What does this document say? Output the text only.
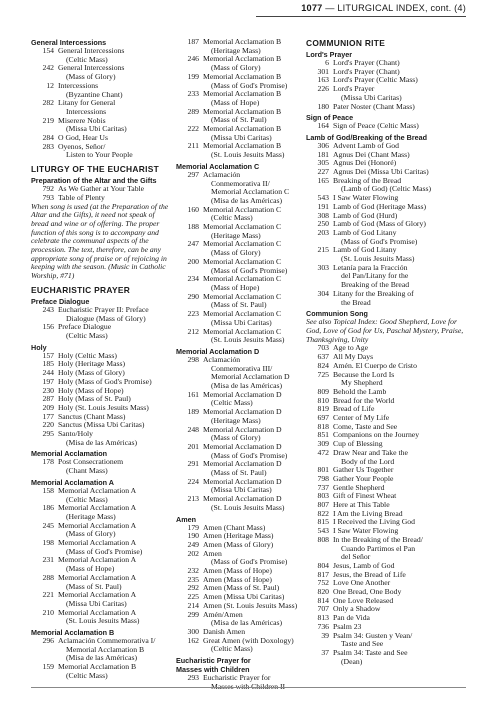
1077 — LITURGICAL INDEX, cont. (4)
General Intercessions
154 General Intercessions
(Celtic Mass)
242 General Intercessions
(Mass of Glory)
12 Intercessions
(Byzantine Chant)
282 Litany for General
Intercessions
219 Miserere Nobis
(Missa Ubi Caritas)
284 O God, Hear Us
283 Oyenos, Señor/
Listen to Your People
LITURGY OF THE EUCHARIST
Preparation of the Altar and the Gifts
792 As We Gather at Your Table
793 Table of Plenty
When song is used (at the Preparation of the Altar and the Gifts), it need not speak of bread and wine or of offering. The proper function of this song is to accompany and celebrate the communal aspects of the procession. The text, therefore, can be any appropriate song of praise or of rejoicing in keeping with the season. (Music in Catholic Worship, #71)
EUCHARISTIC PRAYER
Preface Dialogue
243 Eucharistic Prayer II: Preface
Dialogue (Mass of Glory)
156 Preface Dialogue
(Celtic Mass)
Holy
157 Holy (Celtic Mass)
185 Holy (Heritage Mass)
244 Holy (Mass of Glory)
197 Holy (Mass of God's Promise)
230 Holy (Mass of Hope)
287 Holy (Mass of St. Paul)
209 Holy (St. Louis Jesuits Mass)
177 Sanctus (Chant Mass)
220 Sanctus (Missa Ubi Caritas)
295 Santo/Holy
(Misa de las Américas)
Memorial Acclamation
178 Post Consecrationem
(Chant Mass)
Memorial Acclamation A
158 Memorial Acclamation A
(Celtic Mass)
186 Memorial Acclamation A
(Heritage Mass)
245 Memorial Acclamation A
(Mass of Glory)
198 Memorial Acclamation A
(Mass of God's Promise)
231 Memorial Acclamation A
(Mass of Hope)
288 Memorial Acclamation A
(Mass of St. Paul)
221 Memorial Acclamation A
(Missa Ubi Caritas)
210 Memorial Acclamation A
(St. Louis Jesuits Mass)
Memorial Acclamation B
296 Aclamación Commemorativa I/
Memorial Acclamation B
(Misa de las Américas)
159 Memorial Acclamation B
(Celtic Mass)
187 Memorial Acclamation B
(Heritage Mass)
246 Memorial Acclamation B
(Mass of Glory)
199 Memorial Acclamation B
(Mass of God's Promise)
233 Memorial Acclamation B
(Mass of Hope)
289 Memorial Acclamation B
(Mass of St. Paul)
222 Memorial Acclamation B
(Missa Ubi Caritas)
211 Memorial Acclamation B
(St. Louis Jesuits Mass)
Memorial Acclamation C
297 Aclamación
Conmemorativa II/
Memorial Acclamation C
(Misa de las Américas)
160 Memorial Acclamation C
(Celtic Mass)
188 Memorial Acclamation C
(Heritage Mass)
247 Memorial Acclamation C
(Mass of Glory)
200 Memorial Acclamation C
(Mass of God's Promise)
234 Memorial Acclamation C
(Mass of Hope)
290 Memorial Acclamation C
(Mass of St. Paul)
223 Memorial Acclamation C
(Missa Ubi Caritas)
212 Memorial Acclamation C
(St. Louis Jesuits Mass)
Memorial Acclamation D
298 Aclamación
Conmemorativa III/
Memorial Acclamation D
(Misa de las Américas)
161 Memorial Acclamation D
(Celtic Mass)
189 Memorial Acclamation D
(Heritage Mass)
248 Memorial Acclamation D
(Mass of Glory)
201 Memorial Acclamation D
(Mass of God's Promise)
291 Memorial Acclamation D
(Mass of St. Paul)
224 Memorial Acclamation D
(Missa Ubi Caritas)
213 Memorial Acclamation D
(St. Louis Jesuits Mass)
Amen
179 Amen (Chant Mass)
190 Amen (Heritage Mass)
249 Amen (Mass of Glory)
202 Amen
(Mass of God's Promise)
232 Amen (Mass of Hope)
235 Amen (Mass of Hope)
292 Amen (Mass of St. Paul)
225 Amen (Missa Ubi Caritas)
214 Amen (St. Louis Jesuits Mass)
299 Amén/Amen
(Misa de las Américas)
300 Danish Amen
162 Great Amen (with Doxology)
(Celtic Mass)
Eucharistic Prayer for
Masses with Children
293 Eucharistic Prayer for
Masses with Children II
COMMUNION RITE
Lord's Prayer
6 Lord's Prayer (Chant)
301 Lord's Prayer (Chant)
163 Lord's Prayer (Celtic Mass)
226 Lord's Prayer
(Missa Ubi Caritas)
180 Pater Noster (Chant Mass)
Sign of Peace
164 Sign of Peace (Celtic Mass)
Lamb of God/Breaking of the Bread
306 Advent Lamb of God
181 Agnus Dei (Chant Mass)
305 Agnus Dei (Honoré)
227 Agnus Dei (Missa Ubi Caritas)
165 Breaking of the Bread
(Lamb of God) (Celtic Mass)
543 I Saw Water Flowing
191 Lamb of God (Heritage Mass)
308 Lamb of God (Hurd)
250 Lamb of God (Mass of Glory)
203 Lamb of God Litany
(Mass of God's Promise)
215 Lamb of God Litany
(St. Louis Jesuits Mass)
303 Letanía para la Fracción
del Pan/Litany for the
Breaking of the Bread
304 Litany for the Breaking of
the Bread
Communion Song
See also Topical Index: Good Shepherd, Love for God, Love of God for Us, Paschal Mystery, Praise, Thanksgiving, Unity
703 Age to Age
637 All My Days
824 Amén. El Cuerpo de Cristo
725 Because the Lord Is
My Shepherd
809 Behold the Lamb
810 Bread for the World
819 Bread of Life
697 Center of My Life
818 Come, Taste and See
851 Companions on the Journey
309 Cup of Blessing
472 Draw Near and Take the
Body of the Lord
801 Gather Us Together
798 Gather Your People
737 Gentle Shepherd
803 Gift of Finest Wheat
807 Here at This Table
822 I Am the Living Bread
815 I Received the Living God
543 I Saw Water Flowing
808 In the Breaking of the Bread/
Cuando Partimos el Pan
del Señor
804 Jesus, Lamb of God
817 Jesus, the Bread of Life
752 Love One Another
820 One Bread, One Body
814 One Love Released
707 Only a Shadow
813 Pan de Vida
736 Psalm 23
39 Psalm 34: Gusten y Vean/
Taste and See
37 Psalm 34: Taste and See
(Dean)
